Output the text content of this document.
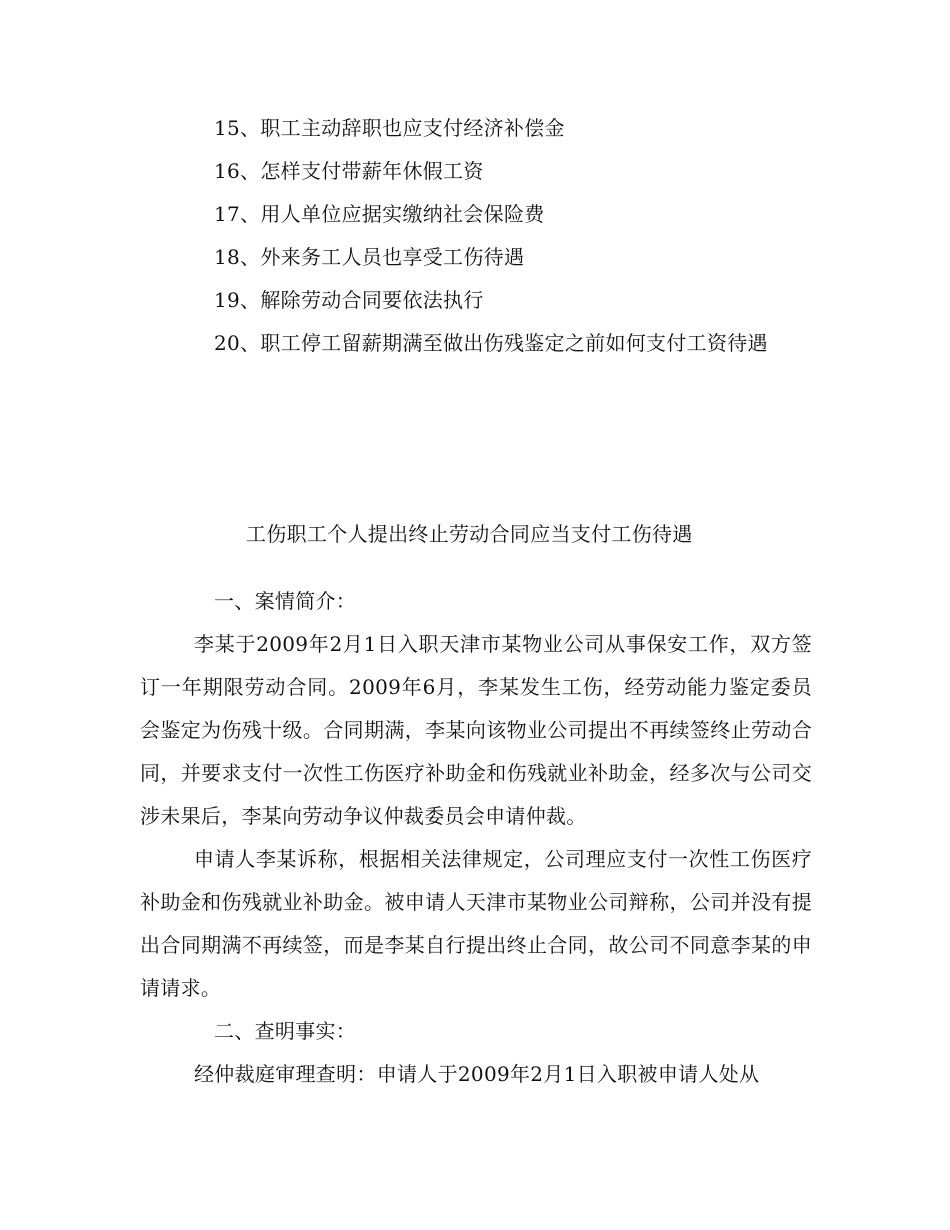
15、职工主动辞职也应支付经济补偿金
16、怎样支付带薪年休假工资
17、用人单位应据实缴纳社会保险费
18、外来务工人员也享受工伤待遇
19、解除劳动合同要依法执行
20、职工停工留薪期满至做出伤残鉴定之前如何支付工资待遇
工伤职工个人提出终止劳动合同应当支付工伤待遇

一、案情简介：

李某于2009年2月1日入职天津市某物业公司从事保安工作，双方签订一年期限劳动合同。2009年6月，李某发生工伤，经劳动能力鉴定委员会鉴定为伤残十级。合同期满，李某向该物业公司提出不再续签终止劳动合同，并要求支付一次性工伤医疗补助金和伤残就业补助金，经多次与公司交涉未果后，李某向劳动争议仲裁委员会申请仲裁。

申请人李某诉称，根据相关法律规定，公司理应支付一次性工伤医疗补助金和伤残就业补助金。被申请人天津市某物业公司辩称，公司并没有提出合同期满不再续签，而是李某自行提出终止合同，故公司不同意李某的申请请求。

二、查明事实：

经仲裁庭审理查明：申请人于2009年2月1日入职被申请人处从
